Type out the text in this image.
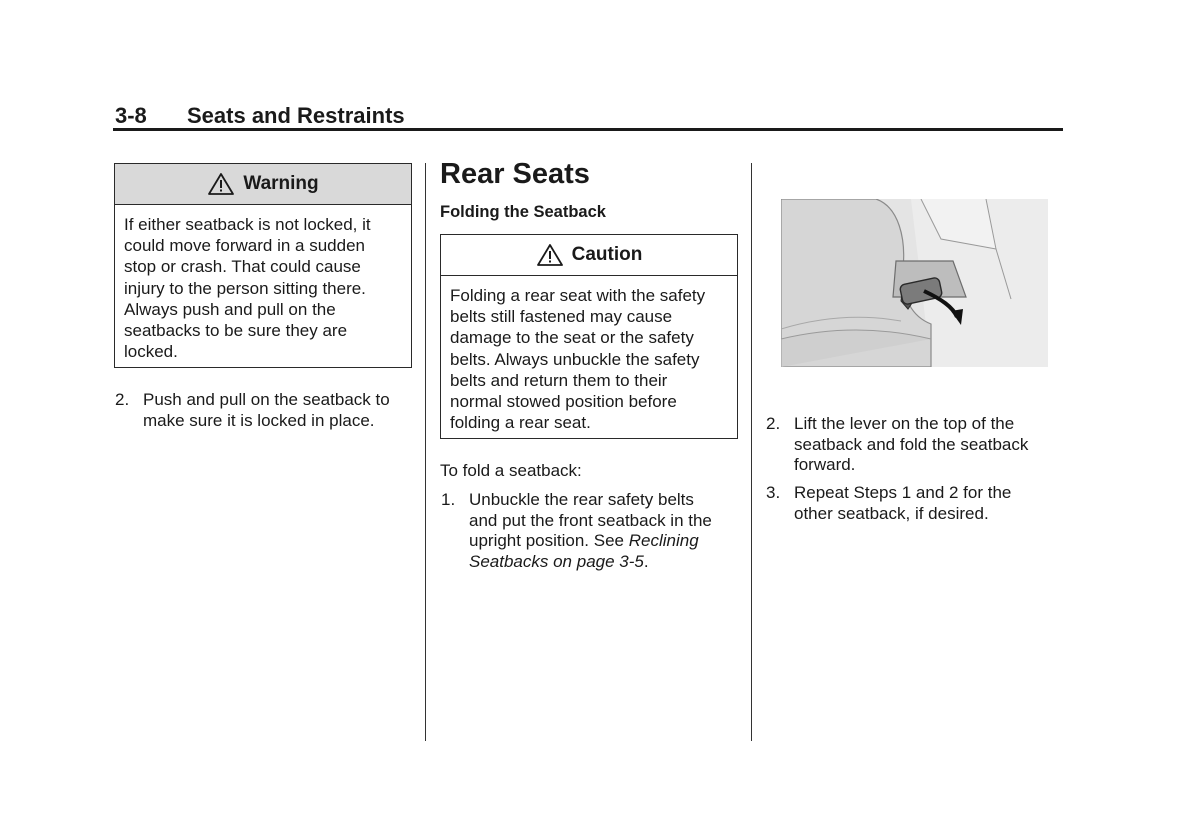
3-8 Seats and Restraints
Warning
If either seatback is not locked, it
could move forward in a sudden
stop or crash. That could cause
injury to the person sitting there.
Always push and pull on the
seatbacks to be sure they are
locked.
2. Push and pull on the seatback to
make sure it is locked in place.
Rear Seats
Folding the Seatback
Caution
Folding a rear seat with the safety
belts still fastened may cause
damage to the seat or the safety
belts. Always unbuckle the safety
belts and return them to their
normal stowed position before
folding a rear seat.
To fold a seatback:
1. Unbuckle the rear safety belts
and put the front seatback in the
upright position. See Reclining
Seatbacks on page 3-5.
2. Lift the lever on the top of the
seatback and fold the seatback
forward.
3. Repeat Steps 1 and 2 for the
other seatback, if desired.
